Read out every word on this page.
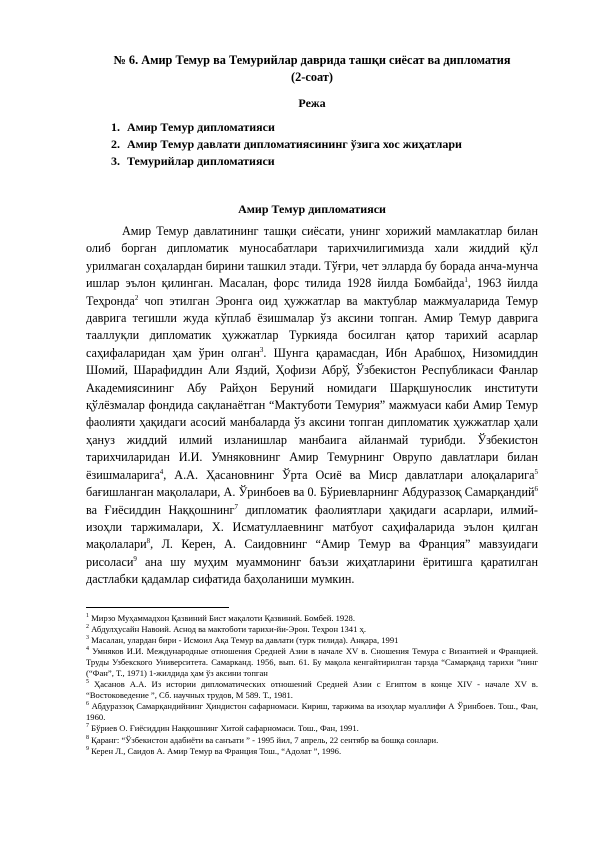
№ 6. Амир Темур ва Темурийлар даврида ташқи сиёсат ва дипломатия
(2-соат)

Режа

1. Амир Темур дипломатияси
2. Амир Темур давлати дипломатиясининг ўзига хос жиҳатлари
3. Темурийлар дипломатияси

Амир Темур дипломатияси

Амир Темур давлатининг ташқи сиёсати, унинг хорижий мамлакатлар билан олиб борган дипломатик муносабатлари тарихчилигимизда хали жиддий қўл урилмаган соҳалардан бирини ташкил этади. Тўғри, чет элларда бу борада анча-мунча ишлар эълон қилинган. Масалан, форс тилида 1928 йилда Бомбайда$^1$, 1963 йилда Теҳронда$^2$ чоп этилган Эронга оид ҳужжатлар ва мактублар мажмуаларида Темур даврига тегишли жуда кўплаб ёзишмалар ўз аксини топган. Амир Темур даврига тааллуқли дипломатик ҳужжатлар Туркияда босилган қатор тарихий асарлар саҳифаларидан ҳам ўрин олган$^3$. Шунга қарамасдан, Ибн Арабшоҳ, Низомиддин Шомий, Шарафиддин Али Яздий, Ҳофизи Абрў, Ўзбекистон Республикаси Фанлар Академиясининг Абу Райҳон Беруний номидаги Шарқшунослик институти қўлёзмалар фондида сақланаётган “Мактуботи Темурия” мажмуаси каби Амир Темур фаолияти ҳақидаги асосий манбаларда ўз аксини топган дипломатик ҳужжатлар ҳали ҳануз жиддий илмий изланишлар манбаига айланмай турибди. Ўзбекистон тарихчиларидан И.И. Умняковнинг Амир Темурнинг Оврупо давлатлари билан ёзишмаларига$^4$, А.А. Ҳасановнинг Ўрта Осиё ва Миср давлатлари алоқаларига$^5$ бағишланган мақолалари, А. Ўринбоев ва 0. Бўриевларнинг Абдураззоқ Самарқандий$^6$ ва Ғиёсиддин Наққошнинг$^7$ дипломатик фаолиятлари ҳақидаги асарлари, илмий-изоҳли таржималари, Х. Исматуллаевнинг матбуот саҳифаларида эълон қилган мақолалари$^8$, Л. Керен, А. Саидовнинг “Амир Темур ва Франция” мавзуидаги рисоласи$^9$ ана шу муҳим муаммонинг баъзи жиҳатларини ёритишга қаратилган дастлабки қадамлар сифатида баҳоланиши мумкин.

$^1$ Мирзо Муҳаммадхон Қазвиний Бист мақалоти Қазвиний. Бомбей. 1928.

$^2$ Абдулҳусайн Навоий. Аснод ва мактоботи тарихи-йи-Эрон. Теҳрон 1341 ҳ.

$^3$ Масалан, улардан бири - Исмоил Ақа Темур ва давлати (турк тилида). Анқара, 1991

$^4$ Умняков И.И. Международные отношения Средней Азии в начале XV в. Сношения Темура с Византией и Францией. Труды Узбекского Университета. Самарканд. 1956, вып. 61. Бу мақола кенгайтирилган тарзда “Самарқанд тарихи ”нинг (“Фан”, Т., 1971) 1-жилдида ҳам ўз аксини топган

$^5$ Ҳасанов А.А. Из истории дипломатических отношений Средней Азии с Египтом в конце XIV - начале XV в. “Востоковедение ”, Сб. научных трудов, М 589. Т., 1981.

$^6$ Абдураззоқ Самарқандийнинг Ҳиндистон сафарномаси. Кириш, таржима ва изоҳлар муаллифи А Ўринбоев. Тош., Фан, 1960.

$^7$ Бўриев О. Ғиёсиддин Наққошнинг Хитой сафарномаси. Тош., Фан, 1991.

$^8$ Қаранг: “Ўзбекистон адабиёти ва санъати ” - 1995 йил, 7 апрель, 22 сентябр ва бошқа сонлари.

$^9$ Керен Л., Саидов А. Амир Темур ва Франция Тош., “Адолат ”, 1996.
